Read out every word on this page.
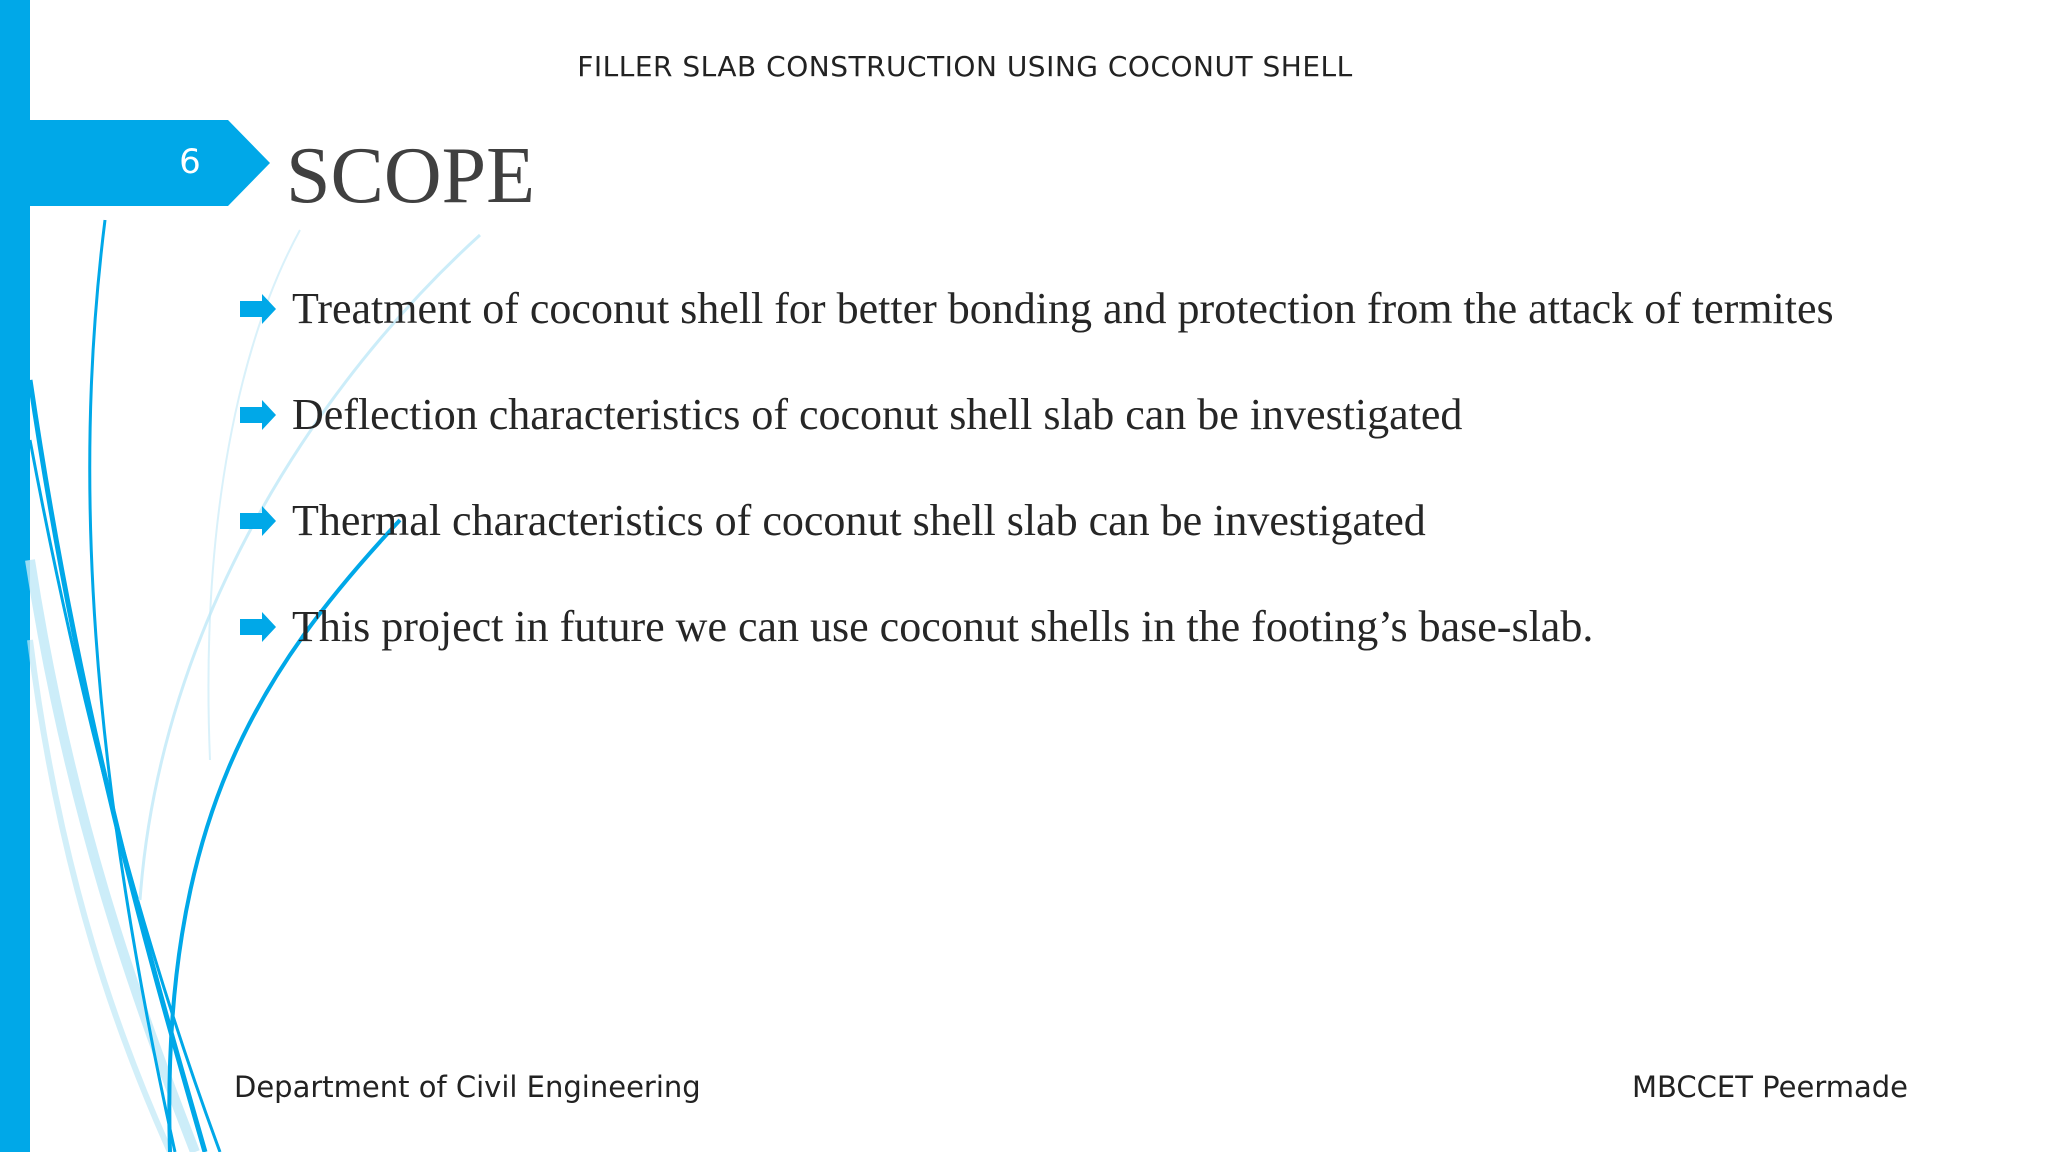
FILLER SLAB CONSTRUCTION USING COCONUT SHELL
6	SCOPE
Treatment of coconut shell for better bonding and protection from the attack of termites
Deflection characteristics of coconut shell slab can be investigated
Thermal characteristics of coconut shell slab can be investigated
This project in future we can use coconut shells in the footing’s base-slab.
Department of Civil Engineering	MBCCET Peermade
